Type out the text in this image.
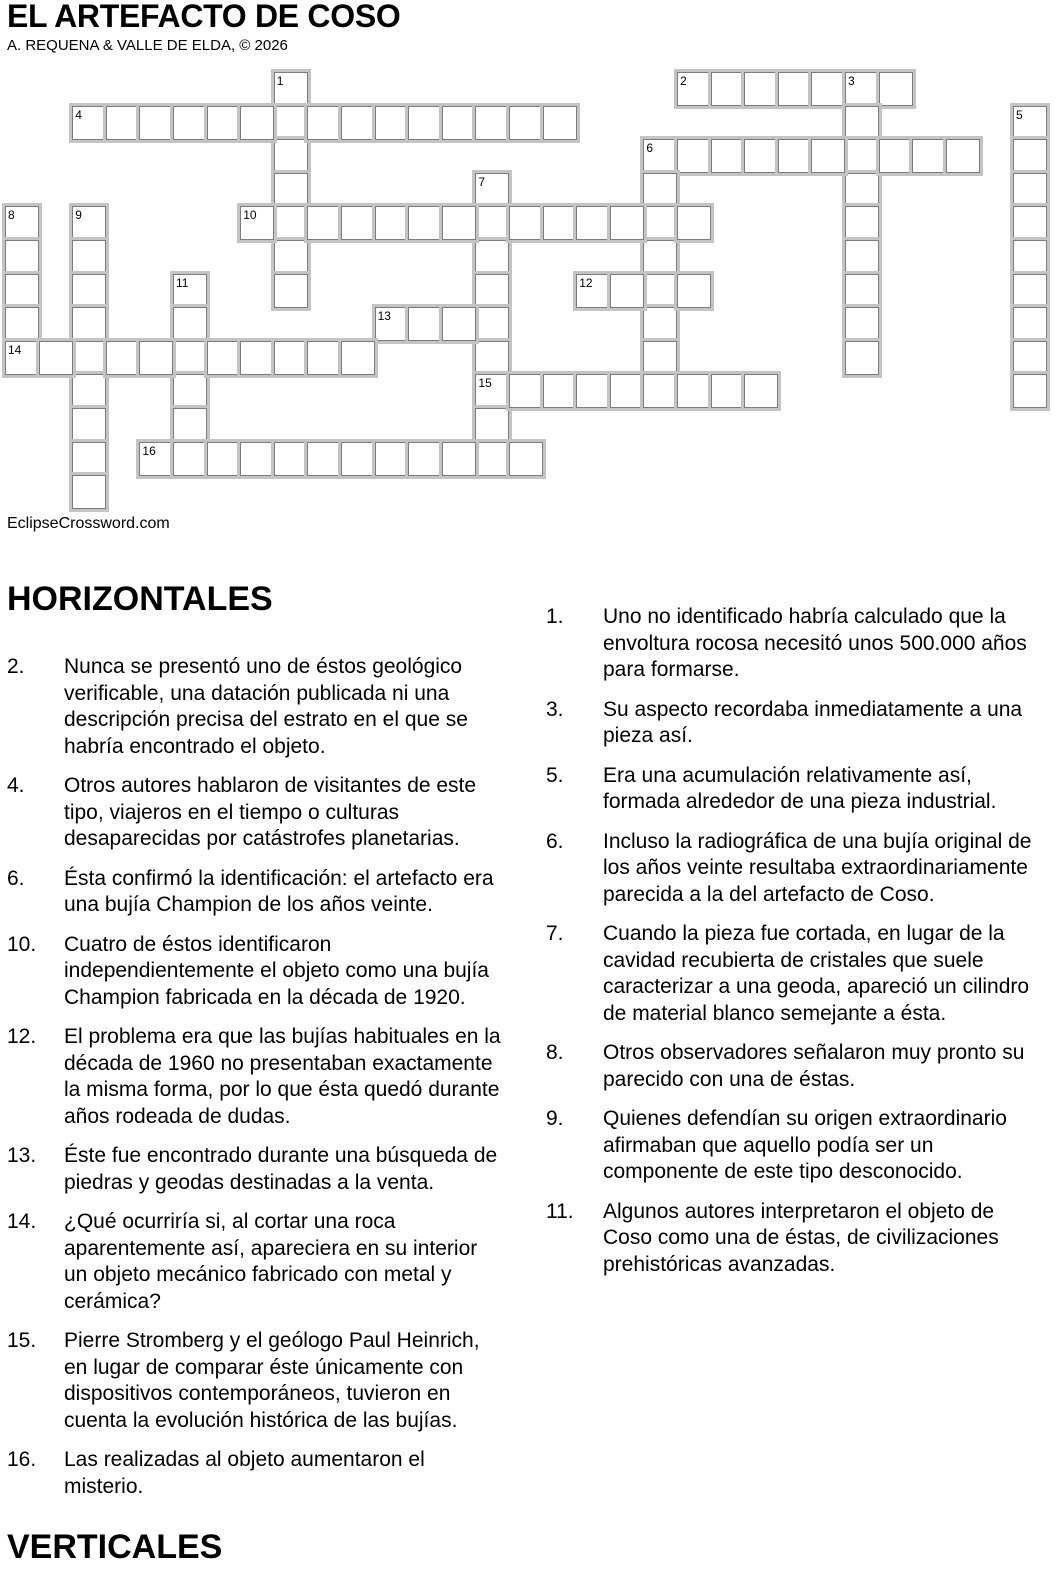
EL ARTEFACTO DE COSO

A. REQUENA & VALLE DE ELDA, © 2026

1	2	3
4	5
6
7
15
8
14
9	10
11	12
13
16

EclipseCrossword.com

HORIZONTALES
2. Nunca se presentó uno de éstos geológico verificable, una datación publicada ni una descripción precisa del estrato en el que se habría encontrado el objeto.
4. Otros autores hablaron de visitantes de este tipo, viajeros en el tiempo o culturas desaparecidas por catástrofes planetarias.
6. Ésta confirmó la identificación: el artefacto era una bujía Champion de los años veinte.
10. Cuatro de éstos identificaron independientemente el objeto como una bujía Champion fabricada en la década de 1920.
12. El problema era que las bujías habituales en la década de 1960 no presentaban exactamente la misma forma, por lo que ésta quedó durante años rodeada de dudas.
13. Éste fue encontrado durante una búsqueda de piedras y geodas destinadas a la venta.
14. ¿Qué ocurriría si, al cortar una roca aparentemente así, apareciera en su interior un objeto mecánico fabricado con metal y cerámica?
15. Pierre Stromberg y el geólogo Paul Heinrich, en lugar de comparar éste únicamente con dispositivos contemporáneos, tuvieron en cuenta la evolución histórica de las bujías.
16. Las realizadas al objeto aumentaron el misterio.
VERTICALES
1. Uno no identificado habría calculado que la envoltura rocosa necesitó unos 500.000 años para formarse.
3. Su aspecto recordaba inmediatamente a una pieza así.
5. Era una acumulación relativamente así, formada alrededor de una pieza industrial.
6. Incluso la radiográfica de una bujía original de los años veinte resultaba extraordinariamente parecida a la del artefacto de Coso.
7. Cuando la pieza fue cortada, en lugar de la cavidad recubierta de cristales que suele caracterizar a una geoda, apareció un cilindro de material blanco semejante a ésta.
8. Otros observadores señalaron muy pronto su parecido con una de éstas.
9. Quienes defendían su origen extraordinario afirmaban que aquello podía ser un componente de este tipo desconocido.
11. Algunos autores interpretaron el objeto de Coso como una de éstas, de civilizaciones prehistóricas avanzadas.
